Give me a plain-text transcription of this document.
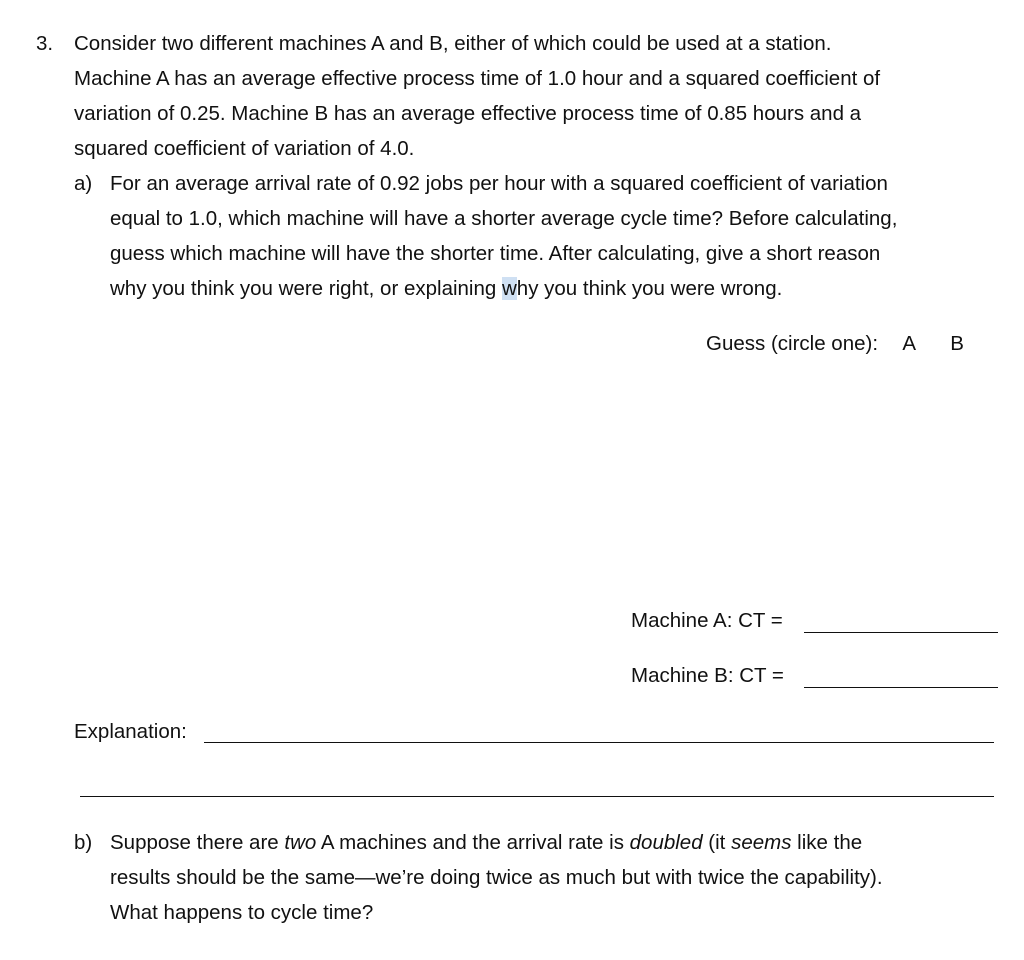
3. Consider two different machines A and B, either of which could be used at a station.
Machine A has an average effective process time of 1.0 hour and a squared coefficient of
variation of 0.25. Machine B has an average effective process time of 0.85 hours and a
squared coefficient of variation of 4.0.
a) For an average arrival rate of 0.92 jobs per hour with a squared coefficient of variation
equal to 1.0, which machine will have a shorter average cycle time? Before calculating,
guess which machine will have the shorter time. After calculating, give a short reason
why you think you were right, or explaining why you think you were wrong.
Guess (circle one): A B
Machine A: CT =
Machine B: CT =
Explanation:
b) Suppose there are two A machines and the arrival rate is doubled (it seems like the
results should be the same—we’re doing twice as much but with twice the capability).
What happens to cycle time?
